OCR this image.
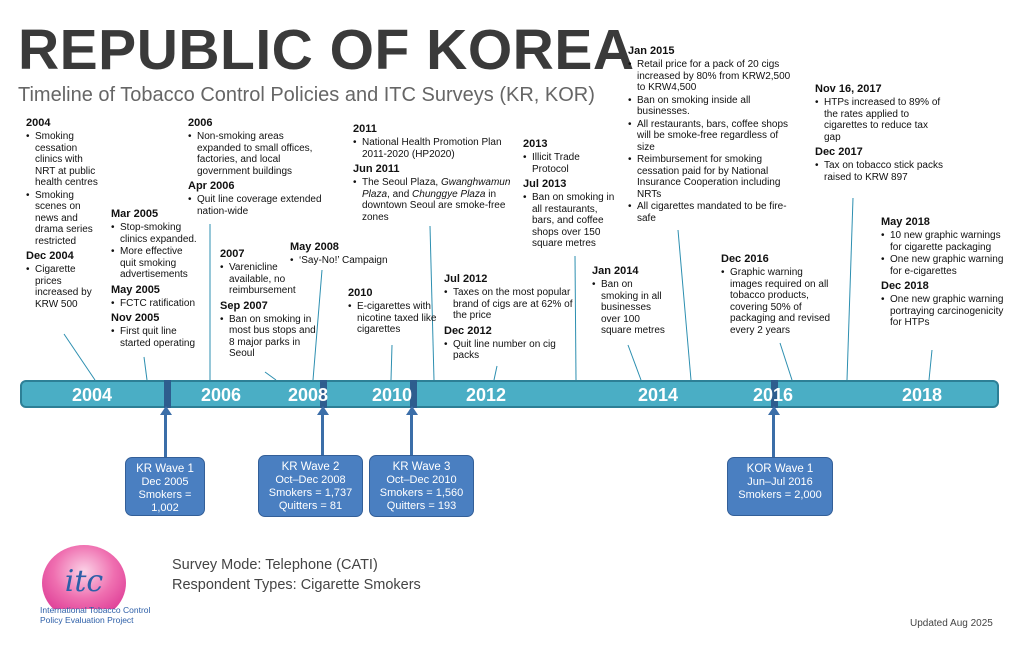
REPUBLIC OF KOREA
Timeline of Tobacco Control Policies and ITC Surveys (KR, KOR)
2004
• Smoking cessation clinics with NRT at public health centres
• Smoking scenes on news and drama series restricted
Dec 2004
• Cigarette prices increased by KRW 500
Mar 2005
• Stop-smoking clinics expanded.
• More effective quit smoking advertisements
May 2005
• FCTC ratification
Nov 2005
• First quit line started operating
2006
• Non-smoking areas expanded to small offices, factories, and local government buildings
Apr 2006
• Quit line coverage extended nation-wide
2007
• Varenicline available, no reimbursement
Sep 2007
• Ban on smoking in most bus stops and 8 major parks in Seoul
May 2008
• ‘Say-No!’ Campaign
2010
• E-cigarettes with nicotine taxed like cigarettes
2011
• National Health Promotion Plan 2011-2020 (HP2020)
Jun 2011
• The Seoul Plaza, Gwanghwamun Plaza, and Chunggye Plaza in downtown Seoul are smoke-free zones
Jul 2012
• Taxes on the most popular brand of cigs are at 62% of the price
Dec 2012
• Quit line number on cig packs
2013
• Illicit Trade Protocol
Jul 2013
• Ban on smoking in all restaurants, bars, and coffee shops over 150 square metres
Jan 2014
• Ban on smoking in all businesses over 100 square metres
Jan 2015
• Retail price for a pack of 20 cigs increased by 80% from KRW2,500 to KRW4,500
• Ban on smoking inside all businesses.
• All restaurants, bars, coffee shops will be smoke-free regardless of size
• Reimbursement for smoking cessation paid for by National Insurance Cooperation including NRTs
• All cigarettes mandated to be fire-safe
Dec 2016
• Graphic warning images required on all tobacco products, covering 50% of packaging and revised every 2 years
Nov 16, 2017
• HTPs increased to 89% of the rates applied to cigarettes to reduce tax gap
Dec 2017
• Tax on tobacco stick packs raised to KRW 897
May 2018
• 10 new graphic warnings for cigarette packaging
• One new graphic warning for e-cigarettes
Dec 2018
• One new graphic warning portraying carcinogenicity for HTPs
2004	2006	2008 2010	2012	2014	2016	2018
KR Wave 1
Dec 2005
Smokers = 1,002
KR Wave 2
Oct–Dec 2008
Smokers = 1,737
Quitters = 81
KR Wave 3
Oct–Dec 2010
Smokers = 1,560
Quitters = 193
KOR Wave 1
Jun–Jul 2016
Smokers = 2,000
itc
International Tobacco Control
Policy Evaluation Project
Survey Mode: Telephone (CATI)
Respondent Types: Cigarette Smokers
Updated Aug 2025
